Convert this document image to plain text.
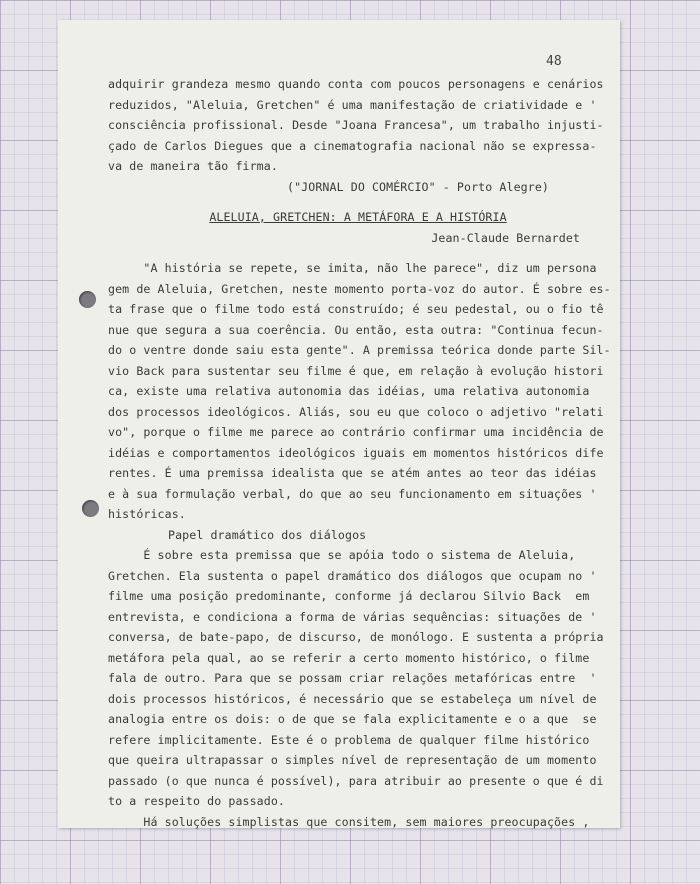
48
adquirir grandeza mesmo quando conta com poucos personagens e cenários
reduzidos, "Aleluia, Gretchen" é uma manifestação de criatividade e '
consciência profissional. Desde "Joana Francesa", um trabalho injusti-
çado de Carlos Diegues que a cinematografia nacional não se expressa-
va de maneira tão firma.
("JORNAL DO COMÉRCIO" - Porto Alegre)
ALELUIA, GRETCHEN: A METÁFORA E A HISTÓRIA
Jean-Claude Bernardet
"A história se repete, se imita, não lhe parece", diz um persona
gem de Aleluia, Gretchen, neste momento porta-voz do autor. É sobre es-
ta frase que o filme todo está construído; é seu pedestal, ou o fio tê
nue que segura a sua coerência. Ou então, esta outra: "Continua fecun-
do o ventre donde saiu esta gente". A premissa teórica donde parte Sil-
vio Back para sustentar seu filme é que, em relação à evolução histori
ca, existe uma relativa autonomia das idéias, uma relativa autonomia
dos processos ideológicos. Aliás, sou eu que coloco o adjetivo "relati
vo", porque o filme me parece ao contrário confirmar uma incidência de
idéias e comportamentos ideológicos iguais em momentos históricos dife
rentes. É uma premissa idealista que se atém antes ao teor das idéias
e à sua formulação verbal, do que ao seu funcionamento em situações '
históricas.
Papel dramático dos diálogos
É sobre esta premissa que se apóia todo o sistema de Aleluia,
Gretchen. Ela sustenta o papel dramático dos diálogos que ocupam no '
filme uma posição predominante, conforme já declarou Silvio Back  em
entrevista, e condiciona a forma de várias sequências: situações de '
conversa, de bate-papo, de discurso, de monólogo. E sustenta a própria
metáfora pela qual, ao se referir a certo momento histórico, o filme
fala de outro. Para que se possam criar relações metafóricas entre  '
dois processos históricos, é necessário que se estabeleça um nível de
analogia entre os dois: o de que se fala explicitamente e o a que  se
refere implicitamente. Este é o problema de qualquer filme histórico
que queira ultrapassar o simples nível de representação de um momento
passado (o que nunca é possível), para atribuir ao presente o que é di
to a respeito do passado.
Há soluções simplistas que consitem, sem maiores preocupações ,
